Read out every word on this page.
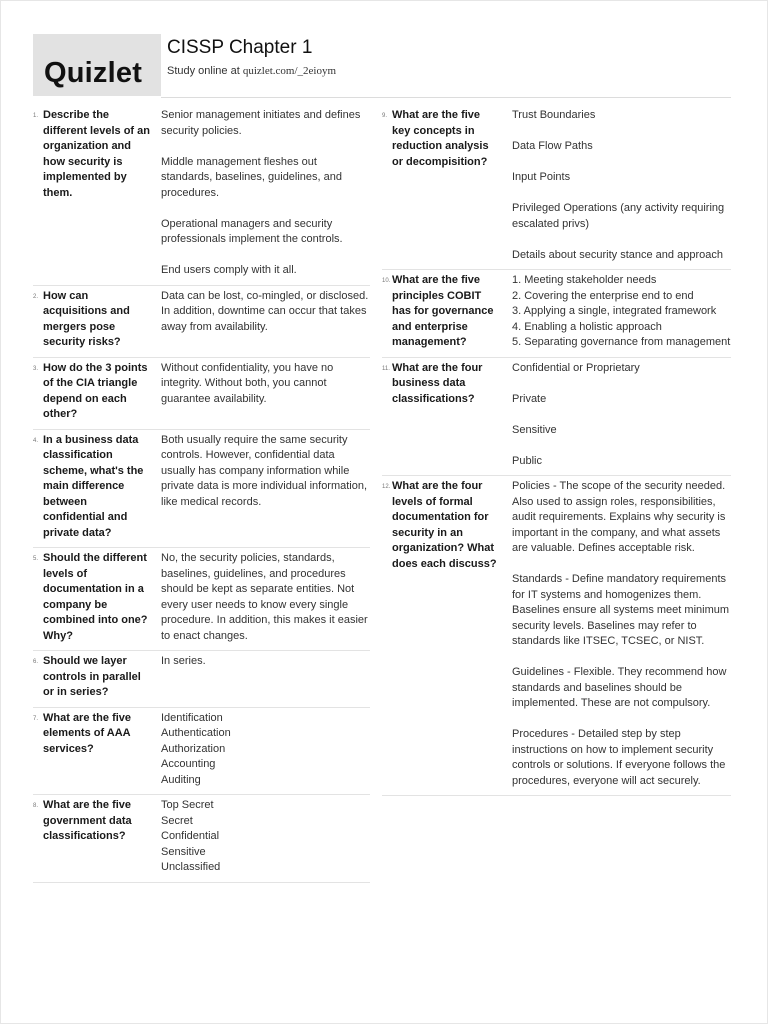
Quizlet
CISSP Chapter 1
Study online at quizlet.com/_2eioym
1. Describe the different levels of an organization and how security is implemented by them.
Senior management initiates and defines security policies.

Middle management fleshes out standards, baselines, guidelines, and procedures.

Operational managers and security professionals implement the controls.

End users comply with it all.
2. How can acquisitions and mergers pose security risks?
Data can be lost, co-mingled, or disclosed. In addition, downtime can occur that takes away from availability.
3. How do the 3 points of the CIA triangle depend on each other?
Without confidentiality, you have no integrity. Without both, you cannot guarantee availability.
4. In a business data classification scheme, what's the main difference between confidential and private data?
Both usually require the same security controls. However, confidential data usually has company information while private data is more individual information, like medical records.
5. Should the different levels of documentation in a company be combined into one? Why?
No, the security policies, standards, baselines, guidelines, and procedures should be kept as separate entities. Not every user needs to know every single procedure. In addition, this makes it easier to enact changes.
6. Should we layer controls in parallel or in series?
In series.
7. What are the five elements of AAA services?
Identification
Authentication
Authorization
Accounting
Auditing
8. What are the five government data classifications?
Top Secret
Secret
Confidential
Sensitive
Unclassified
9. What are the five key concepts in reduction analysis or decompisition?
Trust Boundaries

Data Flow Paths

Input Points

Privileged Operations (any activity requiring escalated privs)

Details about security stance and approach
10. What are the five principles COBIT has for governance and enterprise management?
1. Meeting stakeholder needs
2. Covering the enterprise end to end
3. Applying a single, integrated framework
4. Enabling a holistic approach
5. Separating governance from management
11. What are the four business data classifications?
Confidential or Proprietary

Private

Sensitive

Public
12. What are the four levels of formal documentation for security in an organization? What does each discuss?
Policies - The scope of the security needed. Also used to assign roles, responsibilities, audit requirements. Explains why security is important in the company, and what assets are valuable. Defines acceptable risk.

Standards - Define mandatory requirements for IT systems and homogenizes them. Baselines ensure all systems meet minimum security levels. Baselines may refer to standards like ITSEC, TCSEC, or NIST.

Guidelines - Flexible. They recommend how standards and baselines should be implemented. These are not compulsory.

Procedures - Detailed step by step instructions on how to implement security controls or solutions. If everyone follows the procedures, everyone will act securely.
